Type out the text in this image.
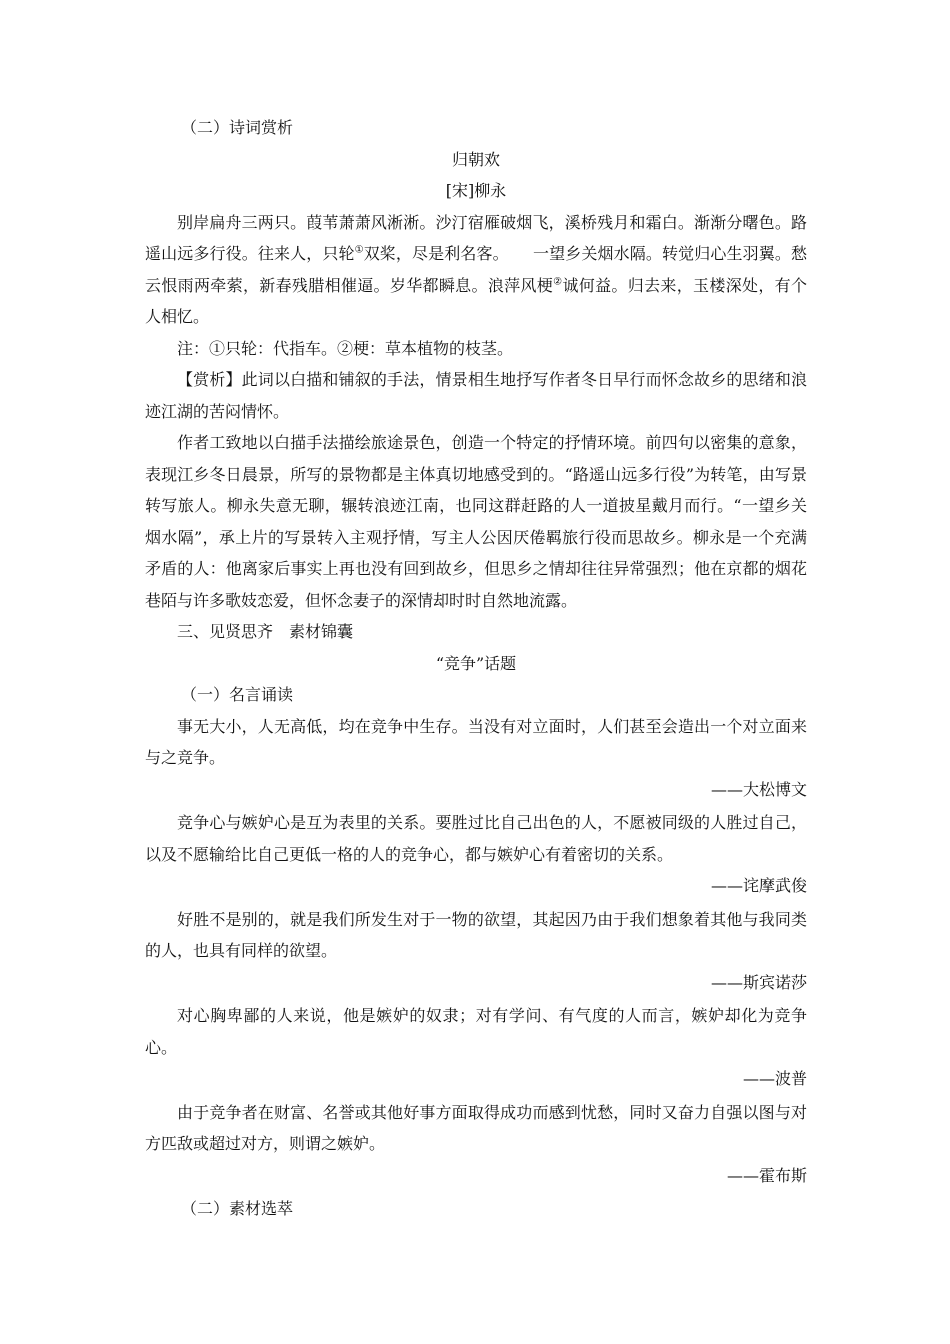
（二）诗词赏析

归朝欢

[宋]柳永

别岸扁舟三两只。葭苇萧萧风淅淅。沙汀宿雁破烟飞，溪桥残月和霜白。渐渐分曙色。路遥山远多行役。往来人，只轮①双桨，尽是利名客。　　一望乡关烟水隔。转觉归心生羽翼。愁云恨雨两牵萦，新春残腊相催逼。岁华都瞬息。浪萍风梗②诚何益。归去来，玉楼深处，有个人相忆。

注：①只轮：代指车。②梗：草本植物的枝茎。

【赏析】此词以白描和铺叙的手法，情景相生地抒写作者冬日早行而怀念故乡的思绪和浪迹江湖的苦闷情怀。

作者工致地以白描手法描绘旅途景色，创造一个特定的抒情环境。前四句以密集的意象，表现江乡冬日晨景，所写的景物都是主体真切地感受到的。“路遥山远多行役”为转笔，由写景转写旅人。柳永失意无聊，辗转浪迹江南，也同这群赶路的人一道披星戴月而行。“一望乡关烟水隔”，承上片的写景转入主观抒情，写主人公因厌倦羁旅行役而思故乡。柳永是一个充满矛盾的人：他离家后事实上再也没有回到故乡，但思乡之情却往往异常强烈；他在京都的烟花巷陌与许多歌妓恋爱，但怀念妻子的深情却时时自然地流露。

三、见贤思齐　素材锦囊

“竞争”话题

（一）名言诵读

事无大小，人无高低，均在竞争中生存。当没有对立面时，人们甚至会造出一个对立面来与之竞争。

——大松博文

竞争心与嫉妒心是互为表里的关系。要胜过比自己出色的人，不愿被同级的人胜过自己，以及不愿输给比自己更低一格的人的竞争心，都与嫉妒心有着密切的关系。

——诧摩武俊

好胜不是别的，就是我们所发生对于一物的欲望，其起因乃由于我们想象着其他与我同类的人，也具有同样的欲望。

——斯宾诺莎

对心胸卑鄙的人来说，他是嫉妒的奴隶；对有学问、有气度的人而言，嫉妒却化为竞争心。

——波普

由于竞争者在财富、名誉或其他好事方面取得成功而感到忧愁，同时又奋力自强以图与对方匹敌或超过对方，则谓之嫉妒。

——霍布斯

（二）素材选萃
